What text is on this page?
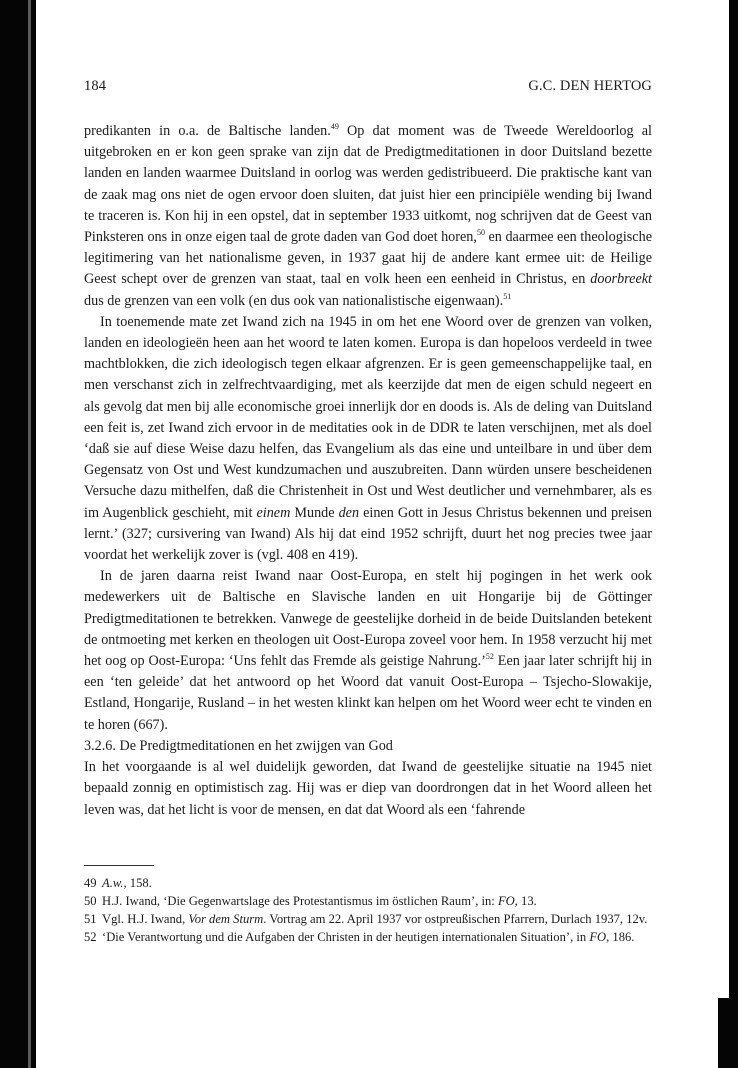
184	G.C. DEN HERTOG

predikanten in o.a. de Baltische landen.$^{49}$ Op dat moment was de Tweede Wereldoorlog al uitgebroken en er kon geen sprake van zijn dat de Predigtmeditationen in door Duitsland bezette landen en landen waarmee Duitsland in oorlog was werden gedistribueerd. Die praktische kant van de zaak mag ons niet de ogen ervoor doen sluiten, dat juist hier een principiële wending bij Iwand te traceren is. Kon hij in een opstel, dat in september 1933 uitkomt, nog schrijven dat de Geest van Pinksteren ons in onze eigen taal de grote daden van God doet horen,$^{50}$ en daarmee een theologische legitimering van het nationalisme geven, in 1937 gaat hij de andere kant ermee uit: de Heilige Geest schept over de grenzen van staat, taal en volk heen een eenheid in Christus, en doorbreekt dus de grenzen van een volk (en dus ook van nationalistische eigenwaan).$^{51}$

In toenemende mate zet Iwand zich na 1945 in om het ene Woord over de grenzen van volken, landen en ideologieën heen aan het woord te laten komen. Europa is dan hopeloos verdeeld in twee machtblokken, die zich ideologisch tegen elkaar afgrenzen. Er is geen gemeenschappelijke taal, en men verschanst zich in zelfrechtvaardiging, met als keerzijde dat men de eigen schuld negeert en als gevolg dat men bij alle economische groei innerlijk dor en doods is. Als de deling van Duitsland een feit is, zet Iwand zich ervoor in de meditaties ook in de DDR te laten verschijnen, met als doel ‘daß sie auf diese Weise dazu helfen, das Evangelium als das eine und unteilbare in und über dem Gegensatz von Ost und West kundzumachen und auszubreiten. Dann würden unsere bescheidenen Versuche dazu mithelfen, daß die Christenheit in Ost und West deutlicher und vernehmbarer, als es im Augenblick geschieht, mit einem Munde den einen Gott in Jesus Christus bekennen und preisen lernt.’ (327; cursivering van Iwand) Als hij dat eind 1952 schrijft, duurt het nog precies twee jaar voordat het werkelijk zover is (vgl. 408 en 419).

In de jaren daarna reist Iwand naar Oost-Europa, en stelt hij pogingen in het werk ook medewerkers uit de Baltische en Slavische landen en uit Hongarije bij de Göttinger Predigtmeditationen te betrekken. Vanwege de geestelijke dorheid in de beide Duitslanden betekent de ontmoeting met kerken en theologen uit Oost-Europa zoveel voor hem. In 1958 verzucht hij met het oog op Oost-Europa: ‘Uns fehlt das Fremde als geistige Nahrung.’$^{52}$ Een jaar later schrijft hij in een ‘ten geleide’ dat het antwoord op het Woord dat vanuit Oost-Europa – Tsjecho-Slowakije, Estland, Hongarije, Rusland – in het westen klinkt kan helpen om het Woord weer echt te vinden en te horen (667).

3.2.6. De Predigtmeditationen en het zwijgen van God

In het voorgaande is al wel duidelijk geworden, dat Iwand de geestelijke situatie na 1945 niet bepaald zonnig en optimistisch zag. Hij was er diep van doordrongen dat in het Woord alleen het leven was, dat het licht is voor de mensen, en dat dat Woord als een ‘fahrende

49 A.w., 158.
50 H.J. Iwand, ‘Die Gegenwartslage des Protestantismus im östlichen Raum’, in: FO, 13.
51 Vgl. H.J. Iwand, Vor dem Sturm. Vortrag am 22. April 1937 vor ostpreußischen Pfarrern, Durlach 1937, 12v.
52 ‘Die Verantwortung und die Aufgaben der Christen in der heutigen internationalen Situation’, in FO, 186.
